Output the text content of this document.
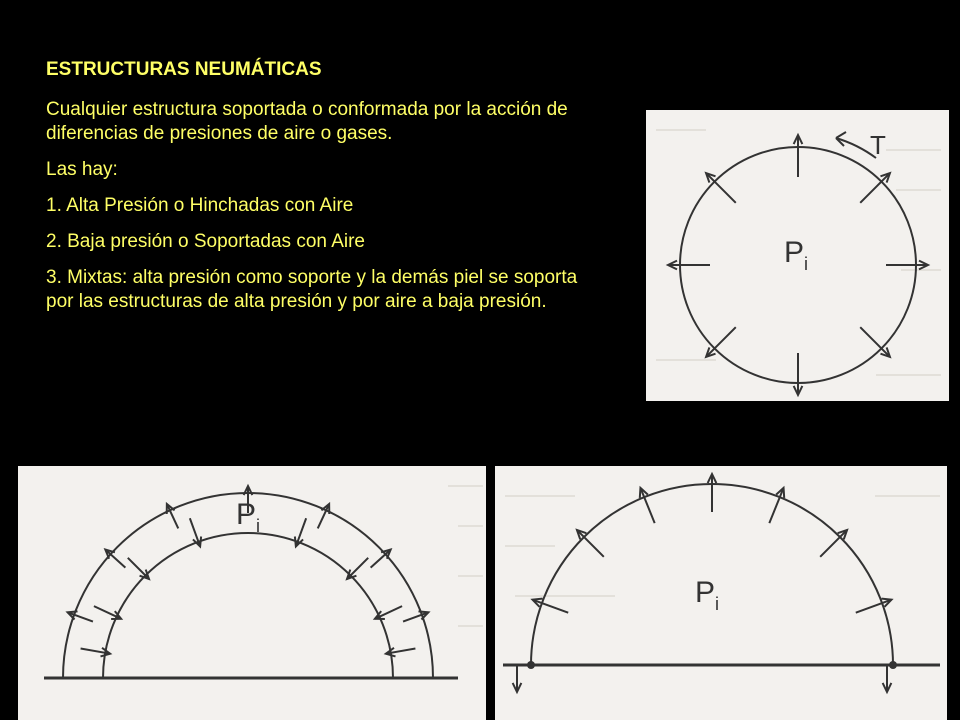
ESTRUCTURAS NEUMÁTICAS

Cualquier estructura soportada o conformada por la acción de diferencias de presiones de aire o gases.

Las hay:

1. Alta Presión o Hinchadas con Aire

2. Baja presión o Soportadas con Aire

3. Mixtas: alta presión como soporte y la demás piel se soporta por las estructuras de alta presión y por aire a baja presión.

T
$P_i$
$P_i$
$P_i$
